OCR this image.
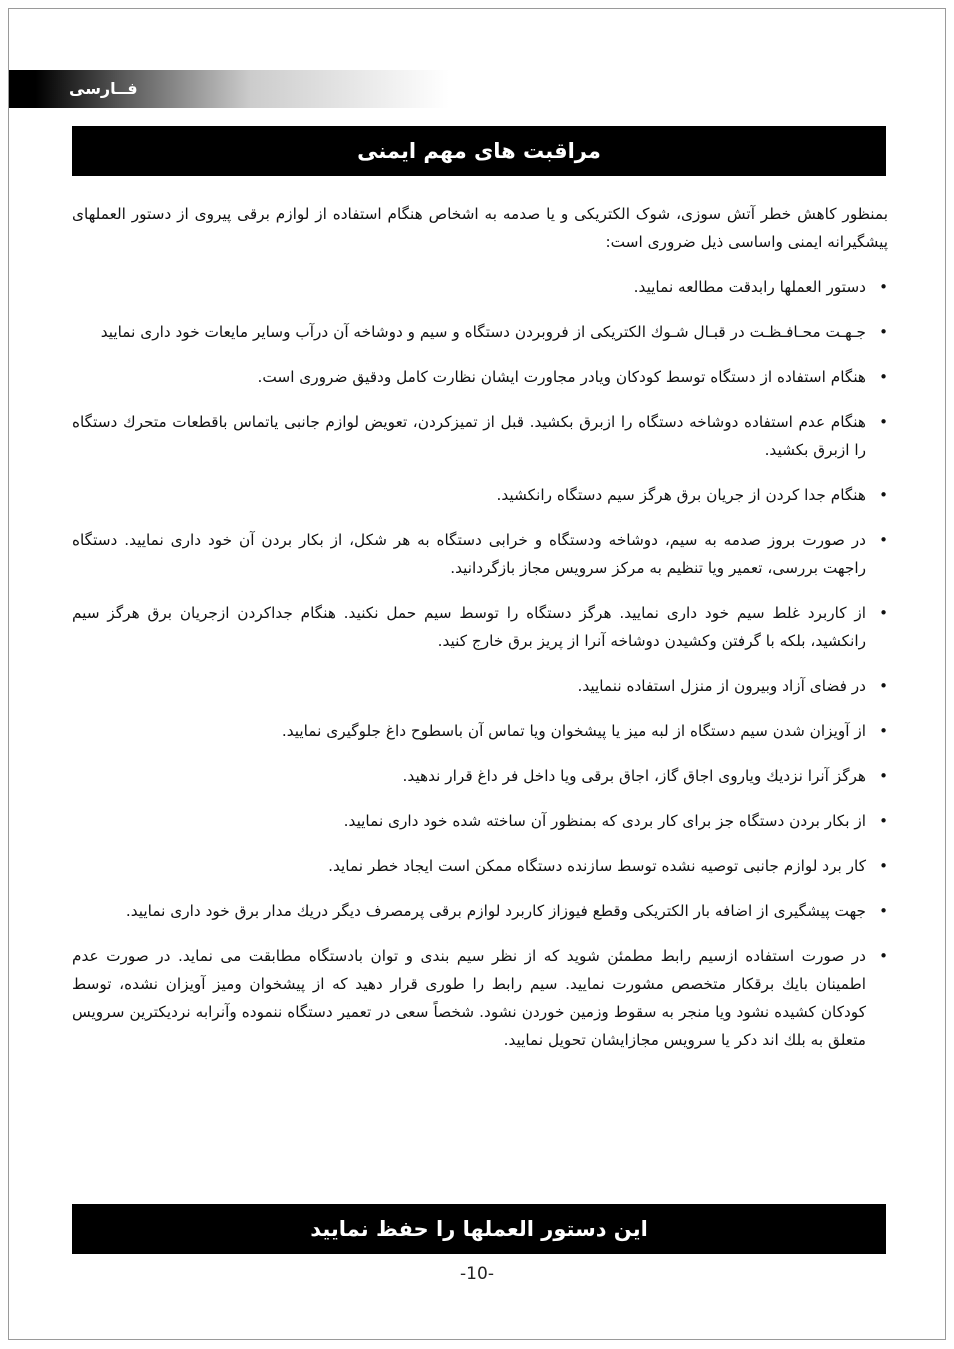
فــارسی
مراقبت های مهم ایمنی

بمنظور کاهش خطر آتش سوزی، شوک الکتریکی و یا صدمه به اشخاص هنگام استفاده از لوازم برقی پیروی از دستور العملهای پیشگیرانه ایمنی واساسی ذیل ضروری است:

•
دستور العملها رابدقت مطالعه نمایید.
•
جـهـت محـافـظـت در قبـال شـوك الکتریکی از فروبردن دستگاه و سیم و دوشاخه آن درآب وسایر مایعات خود داری نمایید
•
هنگام استفاده از دستگاه توسط کودکان ویادر مجاورت ایشان نظارت کامل ودقیق ضروری است.
•
هنگام عدم استفاده دوشاخه دستگاه را ازبرق بکشید. قبل از تمیزکردن، تعویض لوازم جانبی یاتماس باقطعات متحرك دستگاه را ازبرق بکشید.
•
هنگام جدا کردن از جریان برق هرگز سیم دستگاه رانکشید.
•
در صورت بروز صدمه به سیم، دوشاخه ودستگاه و خرابی دستگاه به هر شکل، از بکار بردن آن خود داری نمایید. دستگاه راجهت بررسی، تعمیر ویا تنظیم به مرکز سرویس مجاز بازگردانید.
•
از کاربرد غلط سیم خود داری نمایید. هرگز دستگاه را توسط سیم حمل نکنید. هنگام جداکردن ازجریان برق هرگز سیم رانکشید، بلکه با گرفتن وکشیدن دوشاخه آنرا از پریز برق خارج کنید.
•
در فضای آزاد وبیرون از منزل استفاده ننمایید.
•
از آویزان شدن سیم دستگاه از لبه میز یا پیشخوان ویا تماس آن باسطوح داغ جلوگیری نمایید.
•
هرگز آنرا نزدیك ویاروی اجاق گاز، اجاق برقی ویا داخل فر داغ قرار ندهید.
•
از بکار بردن دستگاه جز برای کار بردی که بمنظور آن ساخته شده خود داری نمایید.
•
کار برد لوازم جانبی توصیه نشده توسط سازنده دستگاه ممکن است ایجاد خطر نماید.
•
جهت پیشگیری از اضافه بار الکتریکی وقطع فیوزاز کاربرد لوازم برقی پرمصرف دیگر دریك مدار برق خود داری نمایید.
•
در صورت استفاده ازسیم رابط مطمئن شوید که از نظر سیم بندی و توان بادستگاه مطابقت می نماید. در صورت عدم اطمینان بایك برقکار متخصص مشورت نمایید. سیم رابط را طوری قرار دهید که از پیشخوان ومیز آویزان نشده، توسط کودکان کشیده نشود ویا منجر به سقوط وزمین خوردن نشود. شخصاً سعی در تعمیر دستگاه ننموده وآنرابه نردیکترین سرویس متعلق به بلك اند دکر یا سرویس مجازایشان تحویل نمایید.
این دستور العملها را حفظ نمایید
-10-
